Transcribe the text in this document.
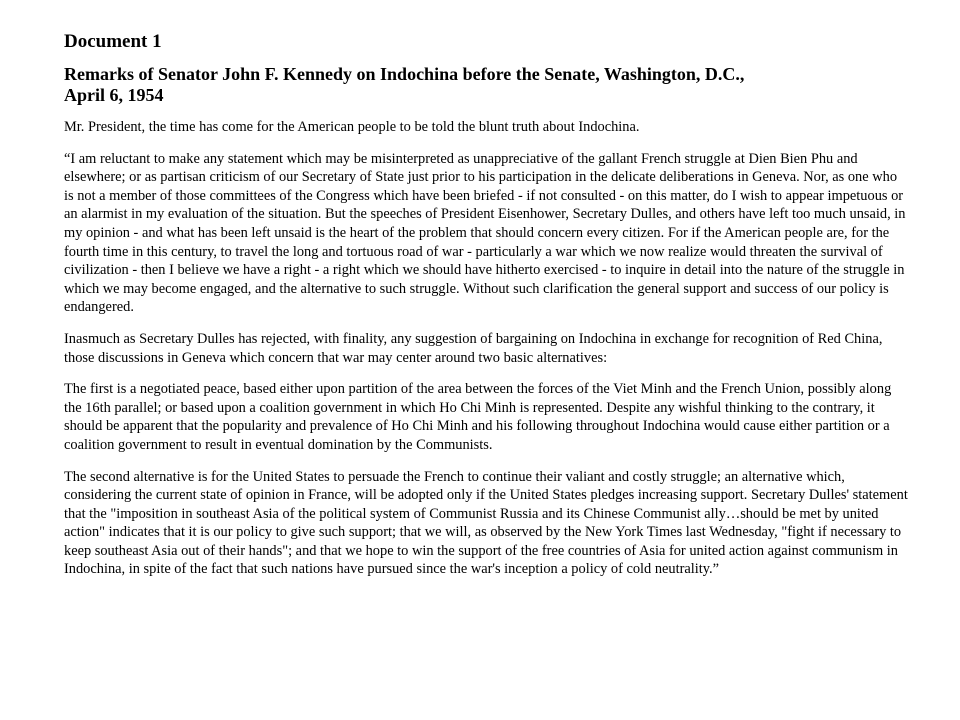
Document 1
Remarks of Senator John F. Kennedy on Indochina before the Senate, Washington, D.C.,
April 6, 1954

Mr. President, the time has come for the American people to be told the blunt truth about Indochina.

“I am reluctant to make any statement which may be misinterpreted as unappreciative of the gallant French struggle at Dien Bien Phu and elsewhere; or as partisan criticism of our Secretary of State just prior to his participation in the delicate deliberations in Geneva. Nor, as one who is not a member of those committees of the Congress which have been briefed - if not consulted - on this matter, do I wish to appear impetuous or an alarmist in my evaluation of the situation. But the speeches of President Eisenhower, Secretary Dulles, and others have left too much unsaid, in my opinion - and what has been left unsaid is the heart of the problem that should concern every citizen. For if the American people are, for the fourth time in this century, to travel the long and tortuous road of war - particularly a war which we now realize would threaten the survival of civilization - then I believe we have a right - a right which we should have hitherto exercised - to inquire in detail into the nature of the struggle in which we may become engaged, and the alternative to such struggle. Without such clarification the general support and success of our policy is endangered.

Inasmuch as Secretary Dulles has rejected, with finality, any suggestion of bargaining on Indochina in exchange for recognition of Red China, those discussions in Geneva which concern that war may center around two basic alternatives:

The first is a negotiated peace, based either upon partition of the area between the forces of the Viet Minh and the French Union, possibly along the 16th parallel; or based upon a coalition government in which Ho Chi Minh is represented. Despite any wishful thinking to the contrary, it should be apparent that the popularity and prevalence of Ho Chi Minh and his following throughout Indochina would cause either partition or a coalition government to result in eventual domination by the Communists.

The second alternative is for the United States to persuade the French to continue their valiant and costly struggle; an alternative which, considering the current state of opinion in France, will be adopted only if the United States pledges increasing support. Secretary Dulles' statement that the "imposition in southeast Asia of the political system of Communist Russia and its Chinese Communist ally…should be met by united action" indicates that it is our policy to give such support; that we will, as observed by the New York Times last Wednesday, "fight if necessary to keep southeast Asia out of their hands"; and that we hope to win the support of the free countries of Asia for united action against communism in Indochina, in spite of the fact that such nations have pursued since the war's inception a policy of cold neutrality.”
